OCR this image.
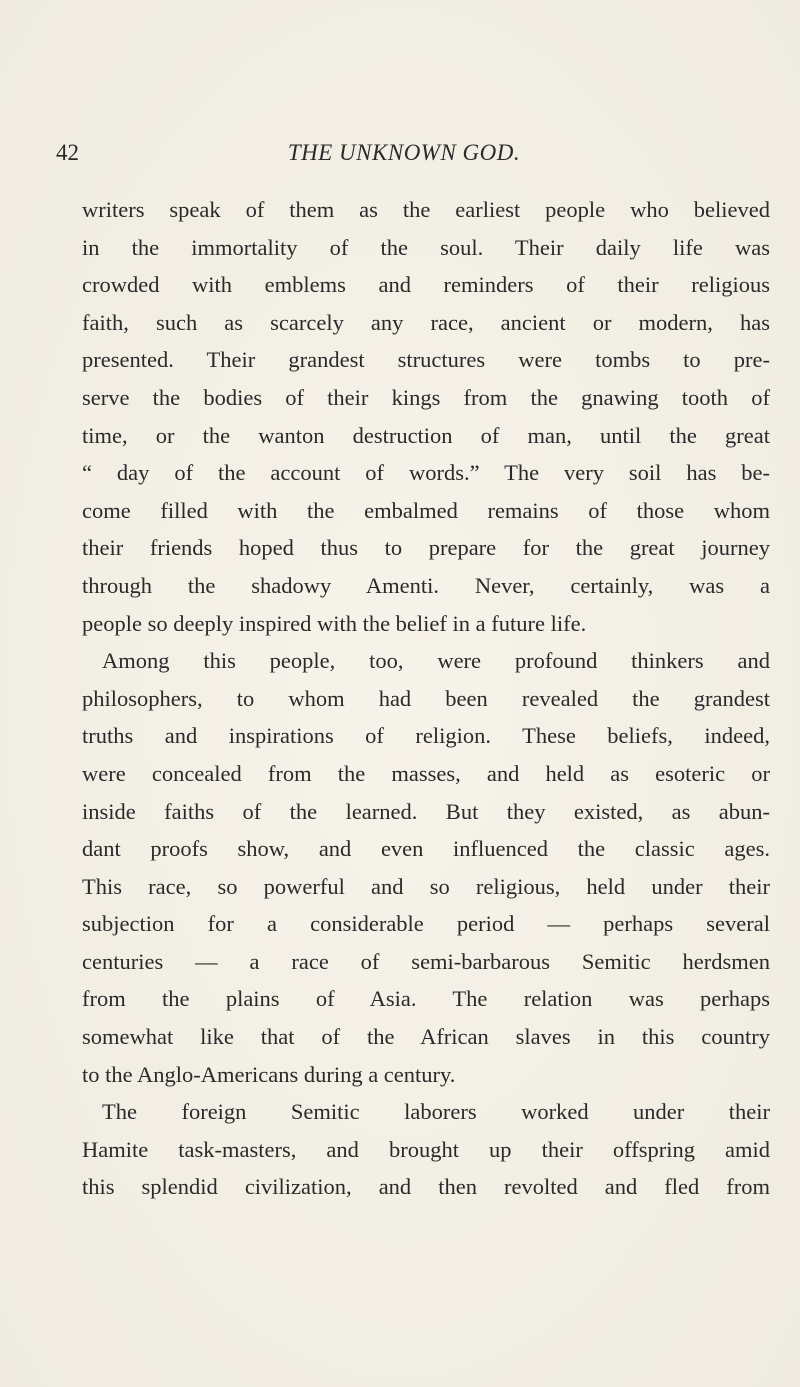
42	THE UNKNOWN GOD.
writers speak of them as the earliest people who believed
in the immortality of the soul. Their daily life was
crowded with emblems and reminders of their religious
faith, such as scarcely any race, ancient or modern, has
presented. Their grandest structures were tombs to pre-
serve the bodies of their kings from the gnawing tooth of
time, or the wanton destruction of man, until the great
“ day of the account of words.” The very soil has be-
come filled with the embalmed remains of those whom
their friends hoped thus to prepare for the great journey
through the shadowy Amenti. Never, certainly, was a
people so deeply inspired with the belief in a future life.
Among this people, too, were profound thinkers and
philosophers, to whom had been revealed the grandest
truths and inspirations of religion. These beliefs, indeed,
were concealed from the masses, and held as esoteric or
inside faiths of the learned. But they existed, as abun-
dant proofs show, and even influenced the classic ages.
This race, so powerful and so religious, held under their
subjection for a considerable period — perhaps several
centuries — a race of semi-barbarous Semitic herdsmen
from the plains of Asia. The relation was perhaps
somewhat like that of the African slaves in this country
to the Anglo-Americans during a century.
The foreign Semitic laborers worked under their
Hamite task-masters, and brought up their offspring amid
this splendid civilization, and then revolted and fled from
